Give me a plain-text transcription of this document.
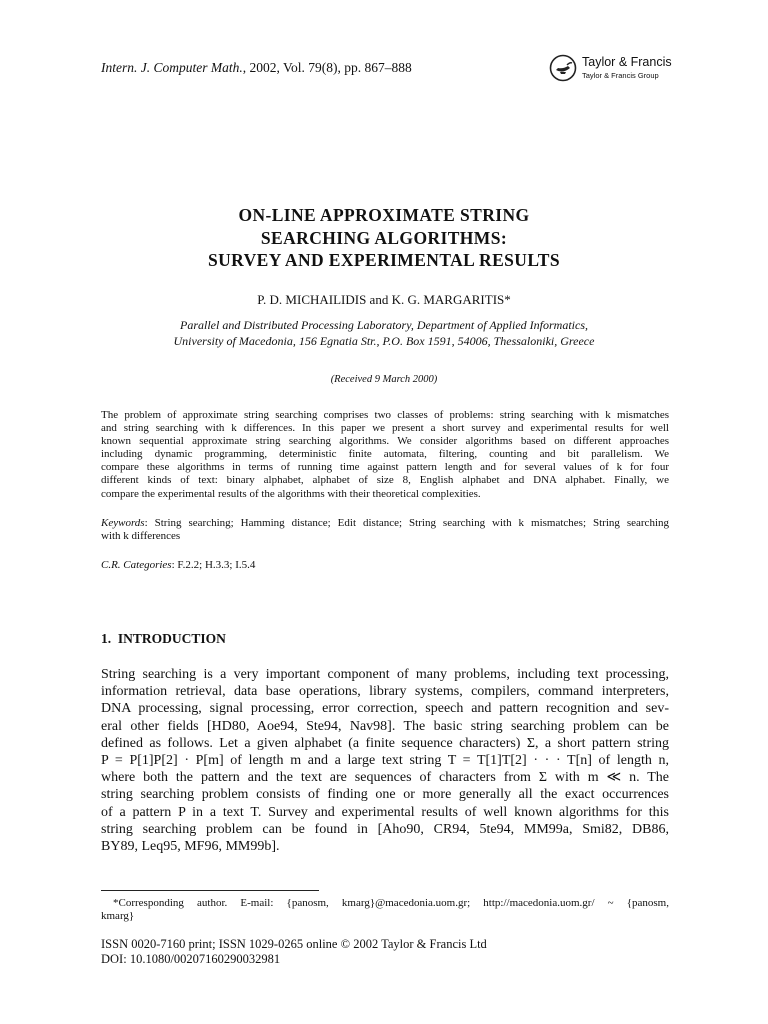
Intern. J. Computer Math., 2002, Vol. 79(8), pp. 867–888	Taylor & Francis
Taylor & Francis Group
ON-LINE APPROXIMATE STRING
SEARCHING ALGORITHMS:
SURVEY AND EXPERIMENTAL RESULTS
P. D. MICHAILIDIS and K. G. MARGARITIS*
Parallel and Distributed Processing Laboratory, Department of Applied Informatics,
University of Macedonia, 156 Egnatia Str., P.O. Box 1591, 54006, Thessaloniki, Greece
(Received 9 March 2000)
The problem of approximate string searching comprises two classes of problems: string searching with k mismatches
and string searching with k differences. In this paper we present a short survey and experimental results for well
known sequential approximate string searching algorithms. We consider algorithms based on different approaches
including dynamic programming, deterministic finite automata, filtering, counting and bit parallelism. We
compare these algorithms in terms of running time against pattern length and for several values of k for four
different kinds of text: binary alphabet, alphabet of size 8, English alphabet and DNA alphabet. Finally, we
compare the experimental results of the algorithms with their theoretical complexities.
Keywords: String searching; Hamming distance; Edit distance; String searching with k mismatches; String searching
with k differences
C.R. Categories: F.2.2; H.3.3; I.5.4
1. INTRODUCTION
String searching is a very important component of many problems, including text processing,
information retrieval, data base operations, library systems, compilers, command interpreters,
DNA processing, signal processing, error correction, speech and pattern recognition and sev-
eral other fields [HD80, Aoe94, Ste94, Nav98]. The basic string searching problem can be
defined as follows. Let a given alphabet (a finite sequence characters) Σ, a short pattern string
P = P[1]P[2] · P[m] of length m and a large text string T = T[1]T[2] · · · T[n] of length n,
where both the pattern and the text are sequences of characters from Σ with m ≪ n. The
string searching problem consists of finding one or more generally all the exact occurrences
of a pattern P in a text T. Survey and experimental results of well known algorithms for this
string searching problem can be found in [Aho90, CR94, 5te94, MM99a, Smi82, DB86,
BY89, Leq95, MF96, MM99b].
*Corresponding author. E-mail: {panosm, kmarg}@macedonia.uom.gr; http://macedonia.uom.gr/ ~ {panosm,
kmarg}
ISSN 0020-7160 print; ISSN 1029-0265 online © 2002 Taylor & Francis Ltd
DOI: 10.1080/00207160290032981
